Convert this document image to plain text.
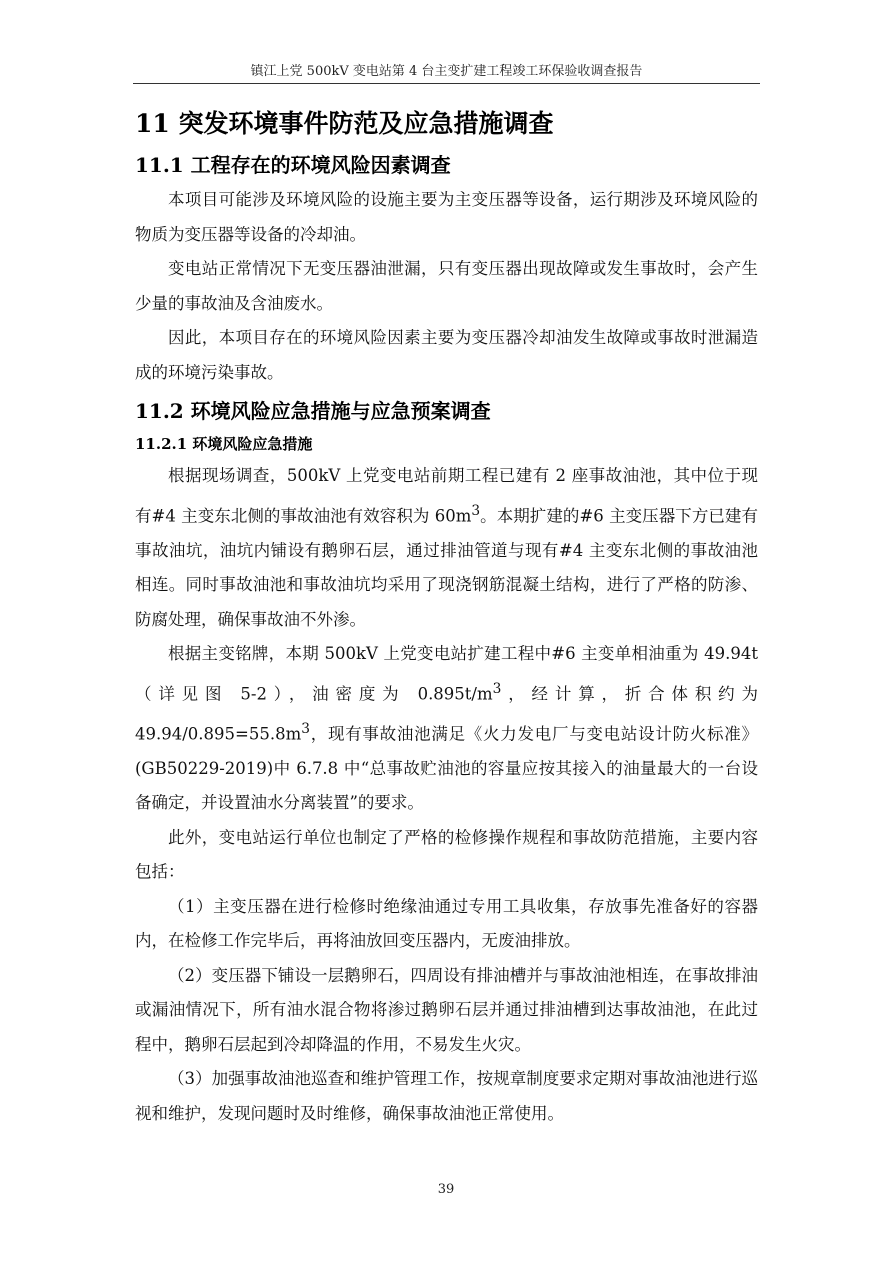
镇江上党 500kV 变电站第 4 台主变扩建工程竣工环保验收调查报告
11 突发环境事件防范及应急措施调查
11.1 工程存在的环境风险因素调查

本项目可能涉及环境风险的设施主要为主变压器等设备，运行期涉及环境风险的物质为变压器等设备的冷却油。

变电站正常情况下无变压器油泄漏，只有变压器出现故障或发生事故时，会产生少量的事故油及含油废水。

因此，本项目存在的环境风险因素主要为变压器冷却油发生故障或事故时泄漏造成的环境污染事故。

11.2 环境风险应急措施与应急预案调查
11.2.1 环境风险应急措施

根据现场调查，500kV 上党变电站前期工程已建有 2 座事故油池，其中位于现有#4 主变东北侧的事故油池有效容积为 $60m^3$。本期扩建的#6 主变压器下方已建有事故油坑，油坑内铺设有鹅卵石层，通过排油管道与现有#4 主变东北侧的事故油池相连。同时事故油池和事故油坑均采用了现浇钢筋混凝土结构，进行了严格的防渗、防腐处理，确保事故油不外渗。

根据主变铭牌，本期 500kV 上党变电站扩建工程中#6 主变单相油重为 49.94t（详见图 5-2），油密度为 $0.895t/m^3$，经计算，折合体积约为 $49.94/0.895=55.8m^3$，现有事故油池满足《火力发电厂与变电站设计防火标准》(GB50229-2019)中 6.7.8 中“总事故贮油池的容量应按其接入的油量最大的一台设备确定，并设置油水分离装置”的要求。

此外，变电站运行单位也制定了严格的检修操作规程和事故防范措施，主要内容包括：

（1）主变压器在进行检修时绝缘油通过专用工具收集，存放事先准备好的容器内，在检修工作完毕后，再将油放回变压器内，无废油排放。

（2）变压器下铺设一层鹅卵石，四周设有排油槽并与事故油池相连，在事故排油或漏油情况下，所有油水混合物将渗过鹅卵石层并通过排油槽到达事故油池，在此过程中，鹅卵石层起到冷却降温的作用，不易发生火灾。

（3）加强事故油池巡查和维护管理工作，按规章制度要求定期对事故油池进行巡视和维护，发现问题时及时维修，确保事故油池正常使用。

39
